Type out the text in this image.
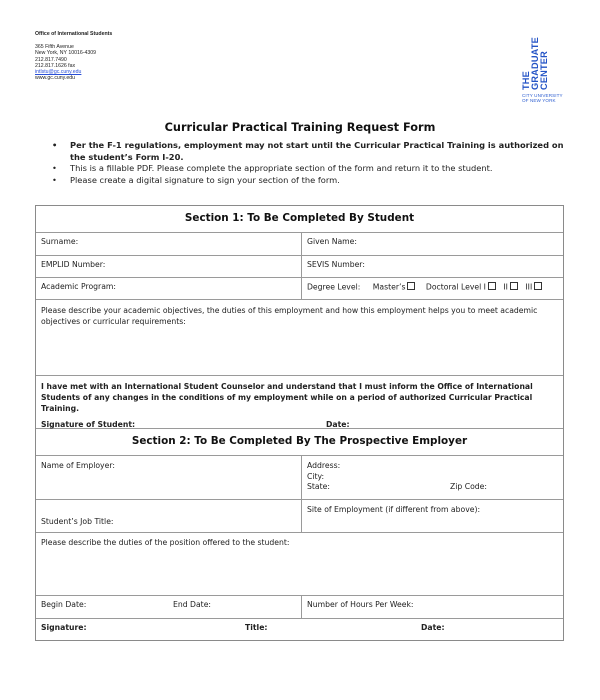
Office of International Students
365 Fifth Avenue
New York, NY 10016-4309
212.817.7490
212.817.1626 fax
intlstu@gc.cuny.edu
www.gc.cuny.edu	THE GRADUATE CENTER
CITY UNIVERSITY
OF NEW YORK
Curricular Practical Training Request Form
• Per the F-1 regulations, employment may not start until the Curricular Practical Training is authorized on the student’s Form I-20.
• This is a fillable PDF. Please complete the appropriate section of the form and return it to the student.
• Please create a digital signature to sign your section of the form.
Section 1: To Be Completed By Student
Surname:	Given Name:
EMPLID Number:	SEVIS Number:
Academic Program:	Degree Level: Master’s	Doctoral Level I II III
Please describe your academic objectives, the duties of this employment and how this employment helps you to meet academic objectives or curricular requirements:
I have met with an International Student Counselor and understand that I must inform the Office of International Students of any changes in the conditions of my employment while on a period of authorized Curricular Practical Training.
Signature of Student:	Date:
Section 2: To Be Completed By The Prospective Employer
Name of Employer:	Address:
City:
State:	Zip Code:
Student’s Job Title:
Site of Employment (if different from above):
Please describe the duties of the position offered to the student:
Begin Date:	End Date:	Number of Hours Per Week:
Signature:	Title:	Date:
